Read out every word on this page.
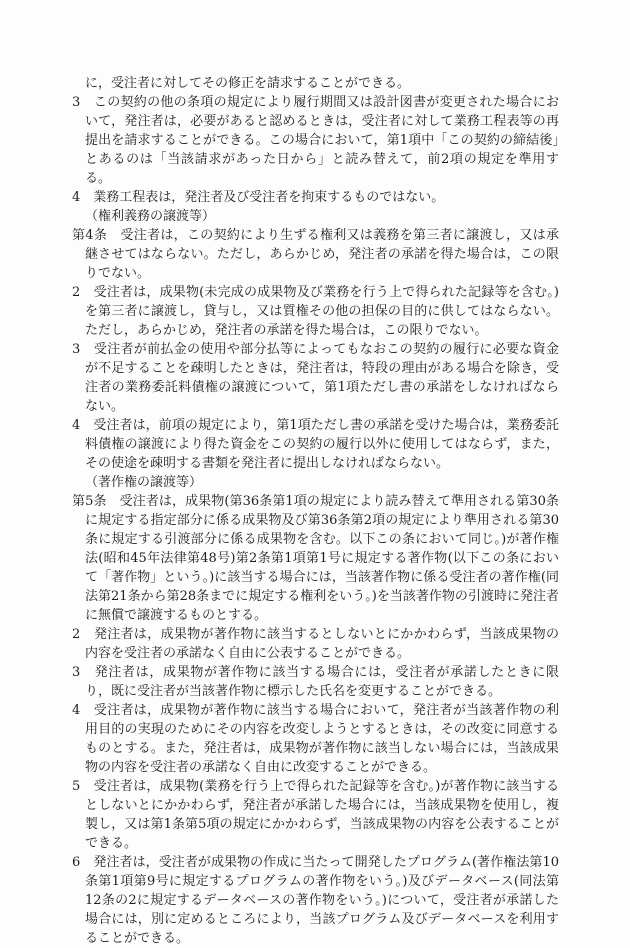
に，受注者に対してその修正を請求することができる。

3 この契約の他の条項の規定により履行期間又は設計図書が変更された場合において，発注者は，必要があると認めるときは，受注者に対して業務工程表等の再提出を請求することができる。この場合において，第1項中「この契約の締結後」とあるのは「当該請求があった日から」と読み替えて，前2項の規定を準用する。

4 業務工程表は，発注者及び受注者を拘束するものではない。

（権利義務の譲渡等）

第4条 受注者は，この契約により生ずる権利又は義務を第三者に譲渡し，又は承継させてはならない。ただし，あらかじめ，発注者の承諾を得た場合は，この限りでない。

2 受注者は，成果物(未完成の成果物及び業務を行う上で得られた記録等を含む。)を第三者に譲渡し，貸与し，又は質権その他の担保の目的に供してはならない。ただし，あらかじめ，発注者の承諾を得た場合は，この限りでない。

3 受注者が前払金の使用や部分払等によってもなおこの契約の履行に必要な資金が不足することを疎明したときは，発注者は，特段の理由がある場合を除き，受注者の業務委託料債権の譲渡について，第1項ただし書の承諾をしなければならない。

4 受注者は，前項の規定により，第1項ただし書の承諾を受けた場合は，業務委託料債権の譲渡により得た資金をこの契約の履行以外に使用してはならず，また，その使途を疎明する書類を発注者に提出しなければならない。

（著作権の譲渡等）

第5条 受注者は，成果物(第36条第1項の規定により読み替えて準用される第30条に規定する指定部分に係る成果物及び第36条第2項の規定により準用される第30条に規定する引渡部分に係る成果物を含む。以下この条において同じ。)が著作権法(昭和45年法律第48号)第2条第1項第1号に規定する著作物(以下この条において「著作物」という。)に該当する場合には，当該著作物に係る受注者の著作権(同法第21条から第28条までに規定する権利をいう。)を当該著作物の引渡時に発注者に無償で譲渡するものとする。

2 発注者は，成果物が著作物に該当するとしないとにかかわらず，当該成果物の内容を受注者の承諾なく自由に公表することができる。

3 発注者は，成果物が著作物に該当する場合には，受注者が承諾したときに限り，既に受注者が当該著作物に標示した氏名を変更することができる。

4 受注者は，成果物が著作物に該当する場合において，発注者が当該著作物の利用目的の実現のためにその内容を改変しようとするときは，その改変に同意するものとする。また，発注者は，成果物が著作物に該当しない場合には，当該成果物の内容を受注者の承諾なく自由に改変することができる。

5 受注者は，成果物(業務を行う上で得られた記録等を含む。)が著作物に該当するとしないとにかかわらず，発注者が承諾した場合には，当該成果物を使用し，複製し，又は第1条第5項の規定にかかわらず，当該成果物の内容を公表することができる。

6 発注者は，受注者が成果物の作成に当たって開発したプログラム(著作権法第10条第1項第9号に規定するプログラムの著作物をいう。)及びデータベース(同法第12条の2に規定するデータベースの著作物をいう。)について，受注者が承諾した場合には，別に定めるところにより，当該プログラム及びデータベースを利用することができる。
